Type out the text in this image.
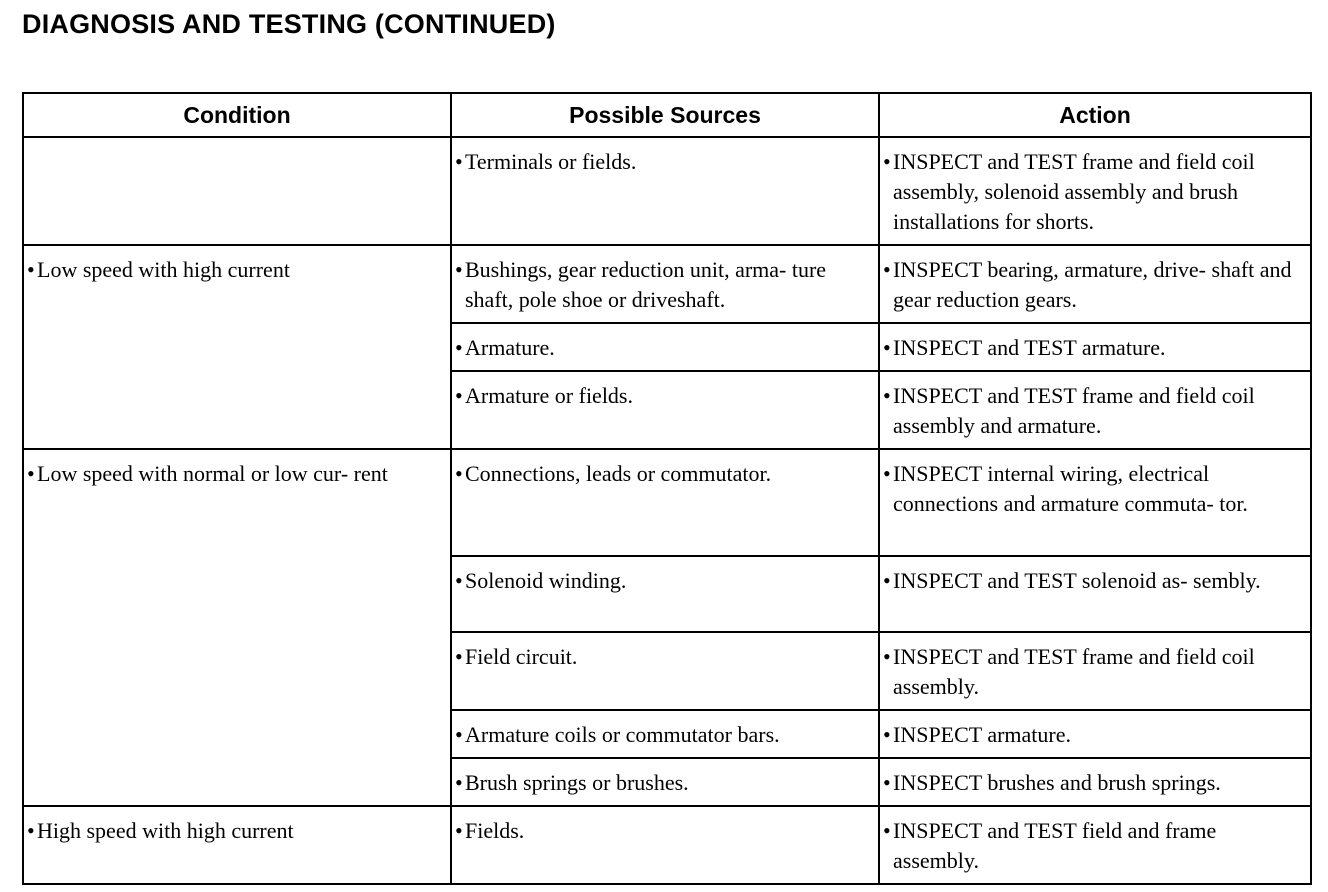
DIAGNOSIS AND TESTING (CONTINUED)
Condition	Possible Sources	Action

	• Terminals or fields.	• INSPECT and TEST frame and field coil assembly, solenoid assembly and brush installations for shorts.

• Low speed with high current	• Bushings, gear reduction unit, arma- ture shaft, pole shoe or driveshaft.	• INSPECT bearing, armature, drive- shaft and gear reduction gears.

	• Armature.	• INSPECT and TEST armature.

	• Armature or fields.	• INSPECT and TEST frame and field coil assembly and armature.

• Low speed with normal or low cur- rent	• Connections, leads or commutator.	• INSPECT internal wiring, electrical connections and armature commuta- tor.

	• Solenoid winding.	• INSPECT and TEST solenoid as- sembly.

	• Field circuit.	• INSPECT and TEST frame and field coil assembly.

	• Armature coils or commutator bars.	• INSPECT armature.

	• Brush springs or brushes.	• INSPECT brushes and brush springs.

• High speed with high current	• Fields.	• INSPECT and TEST field and frame assembly.
